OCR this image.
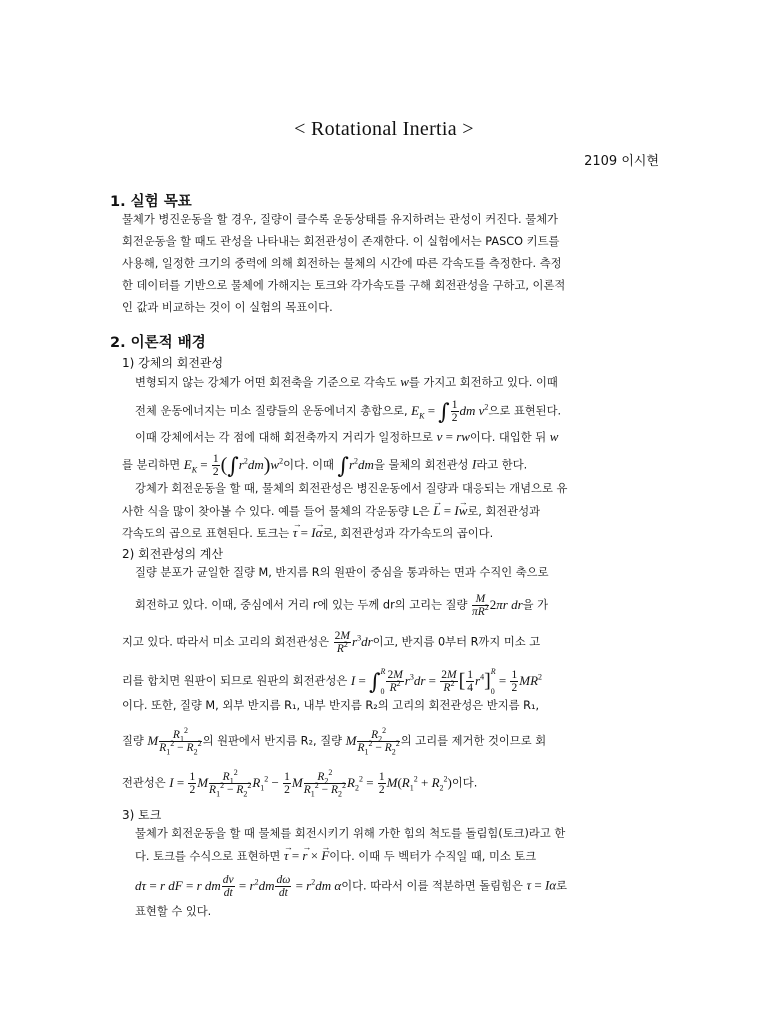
< Rotational Inertia >
2109 이시현
1. 실험 목표
물체가 병진운동을 할 경우, 질량이 클수록 운동상태를 유지하려는 관성이 커진다. 물체가
회전운동을 할 때도 관성을 나타내는 회전관성이 존재한다. 이 실험에서는 PASCO 키트를
사용해, 일정한 크기의 중력에 의해 회전하는 물체의 시간에 따른 각속도를 측정한다. 측정
한 데이터를 기반으로 물체에 가해지는 토크와 각가속도를 구해 회전관성을 구하고, 이론적
인 값과 비교하는 것이 이 실험의 목표이다.
2. 이론적 배경
1) 강체의 회전관성
변형되지 않는 강체가 어떤 회전축을 기준으로 각속도 w를 가지고 회전하고 있다. 이때
전체 운동에너지는 미소 질량들의 운동에너지 총합으로, $E_K$ = ∫ $\frac{1}{2}$ dm $v^2$으로 표현된다.
이때 강체에서는 각 점에 대해 회전축까지 거리가 일정하므로 v = rw이다. 대입한 뒤 w
를 분리하면 $E_K = \frac{1}{2} (\int r^2dm)w^2$이다. 이때 $\int r^2dm$을 물체의 회전관성 I라고 한다.
강체가 회전운동을 할 때, 물체의 회전관성은 병진운동에서 질량과 대응되는 개념으로 유
사한 식을 많이 찾아볼 수 있다. 예를 들어 물체의 각운동량 L은 → L = I→ w로, 회전관성과
각속도의 곱으로 표현된다. 토크는 → τ = I→ α로, 회전관성과 각가속도의 곱이다.
2) 회전관성의 계산
질량 분포가 균일한 질량 M, 반지름 R의 원판이 중심을 통과하는 면과 수직인 축으로
회전하고 있다. 이때, 중심에서 거리 r에 있는 두께 dr의 고리는 질량 $\frac{M}{\pi R^2} 2\pi r$ dr을 가
지고 있다. 따라서 미소 고리의 회전관성은 $\frac{2M}{R^2} r^3dr$이고, 반지름 0부터 R까지 미소 고
리를 합치면 원판이 되므로 원판의 회전관성은 I = ∫ R
$0 \frac{2M}{R^2} r^3dr = \frac{2M}{R^2}$ [ $\frac{1}{4} r^4$] R
0
= $\frac{1}{2} MR^2$
이다. 또한, 질량 M, 외부 반지름 R₁, 내부 반지름 R₂의 고리의 회전관성은 반지름 R₁,
질량 M $\frac{R_1^2}{R_1^2 - R_2^2}$ 의 원판에서 반지름 R₂, 질량 M $\frac{R_2^2}{R_1^2 - R_2^2}$ 의 고리를 제거한 것이므로 회
전관성은 $I = \frac{1}{2}$ M $\frac{R_1^2}{R_1^2 - R_2^2} R_1^2 - \frac{1}{2}$ M $\frac{R_2^2}{R_1^2 - R_2^2} R_2^2 = \frac{1}{2} M(R_1^2 + R_2^2)$이다.
3) 토크
물체가 회전운동을 할 때 물체를 회전시키기 위해 가한 힘의 척도를 돌림힘(토크)라고 한
다. 토크를 수식으로 표현하면 → τ = → r × → F이다. 이때 두 벡터가 수직일 때, 미소 토크
dτ = r dF = r dm $\frac{dv}{dt} = r^2dm \frac{d\omega}{dt} = r^2dm$ α이다. 따라서 이를 적분하면 돌림힘은 τ = Iα로
표현할 수 있다.
